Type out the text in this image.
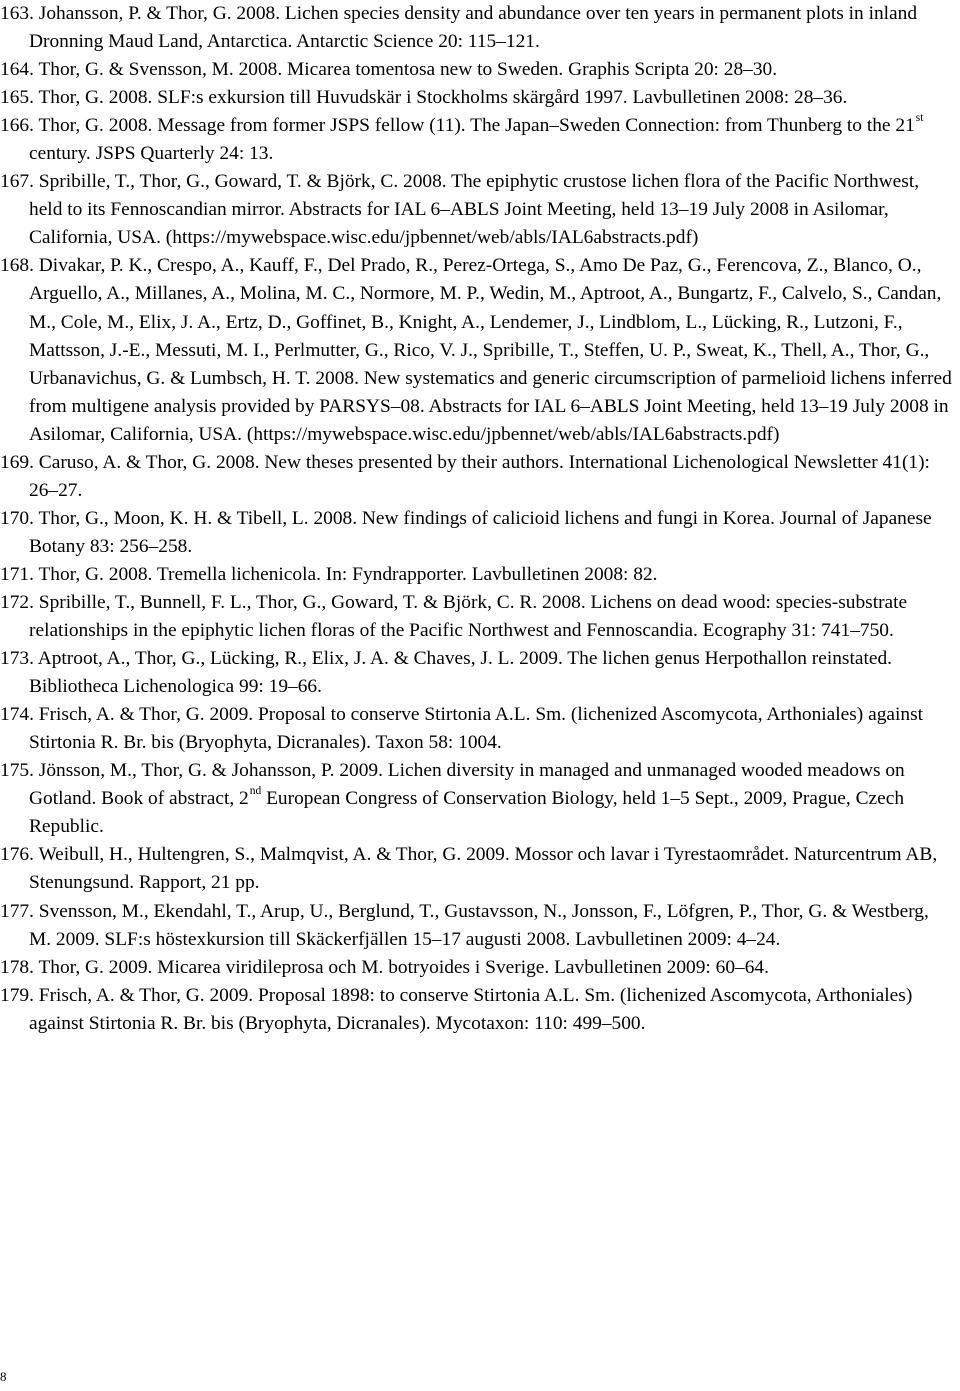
163. Johansson, P. & Thor, G. 2008. Lichen species density and abundance over ten years in permanent plots in inland Dronning Maud Land, Antarctica. Antarctic Science 20: 115–121.
164. Thor, G. & Svensson, M. 2008. Micarea tomentosa new to Sweden. Graphis Scripta 20: 28–30.
165. Thor, G. 2008. SLF:s exkursion till Huvudskär i Stockholms skärgård 1997. Lavbulletinen 2008: 28–36.
166. Thor, G. 2008. Message from former JSPS fellow (11). The Japan–Sweden Connection: from Thunberg to the 21st century. JSPS Quarterly 24: 13.
167. Spribille, T., Thor, G., Goward, T. & Björk, C. 2008. The epiphytic crustose lichen flora of the Pacific Northwest, held to its Fennoscandian mirror. Abstracts for IAL 6–ABLS Joint Meeting, held 13–19 July 2008 in Asilomar, California, USA. (https://mywebspace.wisc.edu/jpbennet/web/abls/IAL6abstracts.pdf)
168. Divakar, P. K., Crespo, A., Kauff, F., Del Prado, R., Perez-Ortega, S., Amo De Paz, G., Ferencova, Z., Blanco, O., Arguello, A., Millanes, A., Molina, M. C., Normore, M. P., Wedin, M., Aptroot, A., Bungartz, F., Calvelo, S., Candan, M., Cole, M., Elix, J. A., Ertz, D., Goffinet, B., Knight, A., Lendemer, J., Lindblom, L., Lücking, R., Lutzoni, F., Mattsson, J.-E., Messuti, M. I., Perlmutter, G., Rico, V. J., Spribille, T., Steffen, U. P., Sweat, K., Thell, A., Thor, G., Urbanavichus, G. & Lumbsch, H. T. 2008. New systematics and generic circumscription of parmelioid lichens inferred from multigene analysis provided by PARSYS–08. Abstracts for IAL 6–ABLS Joint Meeting, held 13–19 July 2008 in Asilomar, California, USA. (https://mywebspace.wisc.edu/jpbennet/web/abls/IAL6abstracts.pdf)
169. Caruso, A. & Thor, G. 2008. New theses presented by their authors. International Lichenological Newsletter 41(1): 26–27.
170. Thor, G., Moon, K. H. & Tibell, L. 2008. New findings of calicioid lichens and fungi in Korea. Journal of Japanese Botany 83: 256–258.
171. Thor, G. 2008. Tremella lichenicola. In: Fyndrapporter. Lavbulletinen 2008: 82.
172. Spribille, T., Bunnell, F. L., Thor, G., Goward, T. & Björk, C. R. 2008. Lichens on dead wood: species-substrate relationships in the epiphytic lichen floras of the Pacific Northwest and Fennoscandia. Ecography 31: 741–750.
173. Aptroot, A., Thor, G., Lücking, R., Elix, J. A. & Chaves, J. L. 2009. The lichen genus Herpothallon reinstated. Bibliotheca Lichenologica 99: 19–66.
174. Frisch, A. & Thor, G. 2009. Proposal to conserve Stirtonia A.L. Sm. (lichenized Ascomycota, Arthoniales) against Stirtonia R. Br. bis (Bryophyta, Dicranales). Taxon 58: 1004.
175. Jönsson, M., Thor, G. & Johansson, P. 2009. Lichen diversity in managed and unmanaged wooded meadows on Gotland. Book of abstract, 2nd European Congress of Conservation Biology, held 1–5 Sept., 2009, Prague, Czech Republic.
176. Weibull, H., Hultengren, S., Malmqvist, A. & Thor, G. 2009. Mossor och lavar i Tyrestaområdet. Naturcentrum AB, Stenungsund. Rapport, 21 pp.
177. Svensson, M., Ekendahl, T., Arup, U., Berglund, T., Gustavsson, N., Jonsson, F., Löfgren, P., Thor, G. & Westberg, M. 2009. SLF:s höstexkursion till Skäckerfjällen 15–17 augusti 2008. Lavbulletinen 2009: 4–24.
178. Thor, G. 2009. Micarea viridileprosa och M. botryoides i Sverige. Lavbulletinen 2009: 60–64.
179. Frisch, A. & Thor, G. 2009. Proposal 1898: to conserve Stirtonia A.L. Sm. (lichenized Ascomycota, Arthoniales) against Stirtonia R. Br. bis (Bryophyta, Dicranales). Mycotaxon: 110: 499–500.
8
